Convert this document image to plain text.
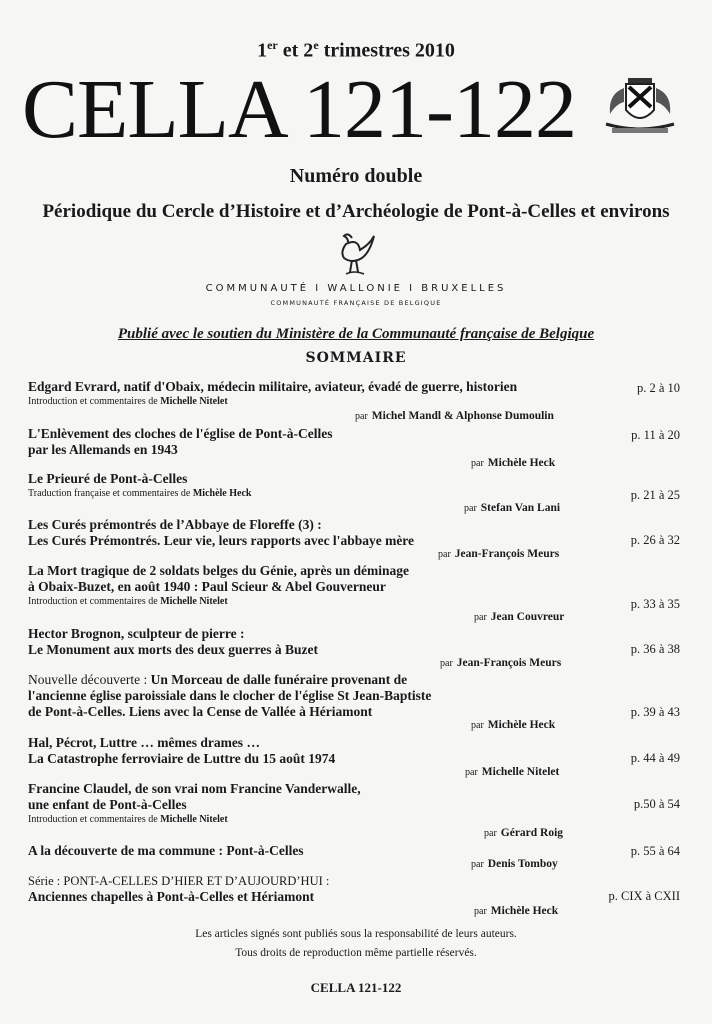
1er et 2e trimestres 2010
CELLA 121-122
Numéro double
Périodique du Cercle d’Histoire et d’Archéologie de Pont-à-Celles et environs
COMMUNAUTÉ I WALLONIE I BRUXELLES
COMMUNAUTÉ FRANÇAISE DE BELGIQUE
Publié avec le soutien du Ministère de la Communauté française de Belgique
SOMMAIRE
Edgard Evrard, natif d'Obaix, médecin militaire, aviateur, évadé de guerre, historien
Introduction et commentaires de Michelle Nitelet
p. 2 à 10
par Michel Mandl & Alphonse Dumoulin
L'Enlèvement des cloches de l'église de Pont-à-Celles
par les Allemands en 1943
p. 11 à 20
par Michèle Heck
Le Prieuré de Pont-à-Celles
Traduction française et commentaires de Michèle Heck	p. 21 à 25
par Stefan Van Lani
Les Curés prémontrés de l’Abbaye de Floreffe (3) :
Les Curés Prémontrés. Leur vie, leurs rapports avec l'abbaye mère	p. 26 à 32
par Jean-François Meurs
La Mort tragique de 2 soldats belges du Génie, après un déminage
à Obaix-Buzet, en août 1940 : Paul Scieur & Abel Gouverneur
Introduction et commentaires de Michelle Nitelet	p. 33 à 35
par Jean Couvreur
Hector Brognon, sculpteur de pierre :
Le Monument aux morts des deux guerres à Buzet	p. 36 à 38
par Jean-François Meurs
Nouvelle découverte : Un Morceau de dalle funéraire provenant de
l'ancienne église paroissiale dans le clocher de l'église St Jean-Baptiste
de Pont-à-Celles. Liens avec la Cense de Vallée à Hériamont	p. 39 à 43
par Michèle Heck
Hal, Pécrot, Luttre … mêmes drames …
La Catastrophe ferroviaire de Luttre du 15 août 1974	p. 44 à 49
par Michelle Nitelet
Francine Claudel, de son vrai nom Francine Vanderwalle,
une enfant de Pont-à-Celles
Introduction et commentaires de Michelle Nitelet
p.50 à 54
par Gérard Roig
A la découverte de ma commune : Pont-à-Celles	p. 55 à 64
par Denis Tomboy
Série : PONT-A-CELLES D’HIER ET D’AUJOURD’HUI :
Anciennes chapelles à Pont-à-Celles et Hériamont	p. CIX à CXII
par Michèle Heck
Les articles signés sont publiés sous la responsabilité de leurs auteurs.
Tous droits de reproduction même partielle réservés.
CELLA 121-122
